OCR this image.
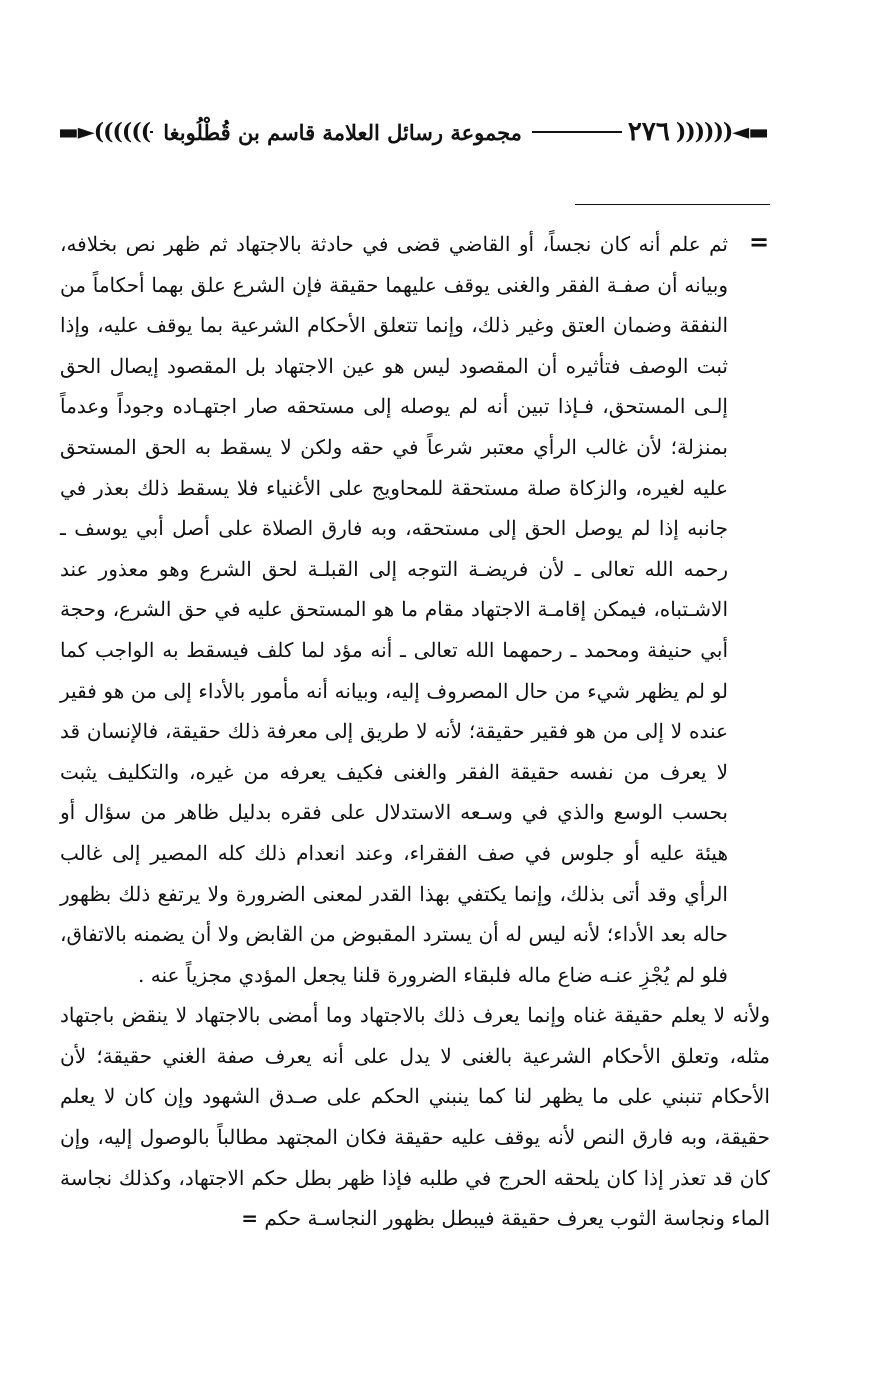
▬◄((((((
٢٧٦
مجموعة رسائل العلامة قاسم بن قُطْلُوبغا
))))))►▬
=

ثم علم أنه كان نجساً، أو القاضي قضى في حادثة بالاجتهاد ثم ظهر نص بخلافه، وبيانه أن صفـة الفقر والغنى يوقف عليهما حقيقة فإن الشرع علق بهما أحكاماً من النفقة وضمان العتق وغير ذلك، وإنما تتعلق الأحكام الشرعية بما يوقف عليه، وإذا ثبت الوصف فتأثيره أن المقصود ليس هو عين الاجتهاد بل المقصود إيصال الحق إلـى المستحق، فـإذا تبين أنه لم يوصله إلى مستحقه صار اجتهـاده وجوداً وعدماً بمنزلة؛ لأن غالب الرأي معتبر شرعاً في حقه ولكن لا يسقط به الحق المستحق عليه لغيره، والزكاة صلة مستحقة للمحاويج على الأغنياء فلا يسقط ذلك بعذر في جانبه إذا لم يوصل الحق إلى مستحقه، وبه فارق الصلاة على أصل أبي يوسف ـ رحمه الله تعالى ـ لأن فريضـة التوجه إلى القبلـة لحق الشرع وهو معذور عند الاشـتباه، فيمكن إقامـة الاجتهاد مقام ما هو المستحق عليه في حق الشرع، وحجة أبي حنيفة ومحمد ـ رحمهما الله تعالى ـ أنه مؤد لما كلف فيسقط به الواجب كما لو لم يظهر شيء من حال المصروف إليه، وبيانه أنه مأمور بالأداء إلى من هو فقير عنده لا إلى من هو فقير حقيقة؛ لأنه لا طريق إلى معرفة ذلك حقيقة، فالإنسان قد لا يعرف من نفسه حقيقة الفقر والغنى فكيف يعرفه من غيره، والتكليف يثبت بحسب الوسع والذي في وسـعه الاستدلال على فقره بدليل ظاهر من سؤال أو هيئة عليه أو جلوس في صف الفقراء، وعند انعدام ذلك كله المصير إلى غالب الرأي وقد أتى بذلك، وإنما يكتفي بهذا القدر لمعنى الضرورة ولا يرتفع ذلك بظهور حاله بعد الأداء؛ لأنه ليس له أن يسترد المقبوض من القابض ولا أن يضمنه بالاتفاق، فلو لم يُجْزِ عنـه ضاع ماله فلبقاء الضرورة قلنا يجعل المؤدي مجزياً عنه .

ولأنه لا يعلم حقيقة غناه وإنما يعرف ذلك بالاجتهاد وما أمضى بالاجتهاد لا ينقض باجتهاد مثله، وتعلق الأحكام الشرعية بالغنى لا يدل على أنه يعرف صفة الغني حقيقة؛ لأن الأحكام تنبني على ما يظهر لنا كما ينبني الحكم على صـدق الشهود وإن كان لا يعلم حقيقة، وبه فارق النص لأنه يوقف عليه حقيقة فكان المجتهد مطالباً بالوصول إليه، وإن كان قد تعذر إذا كان يلحقه الحرج في طلبه فإذا ظهر بطل حكم الاجتهاد، وكذلك نجاسة الماء ونجاسة الثوب يعرف حقيقة فيبطل بظهور النجاسـة حكم =
